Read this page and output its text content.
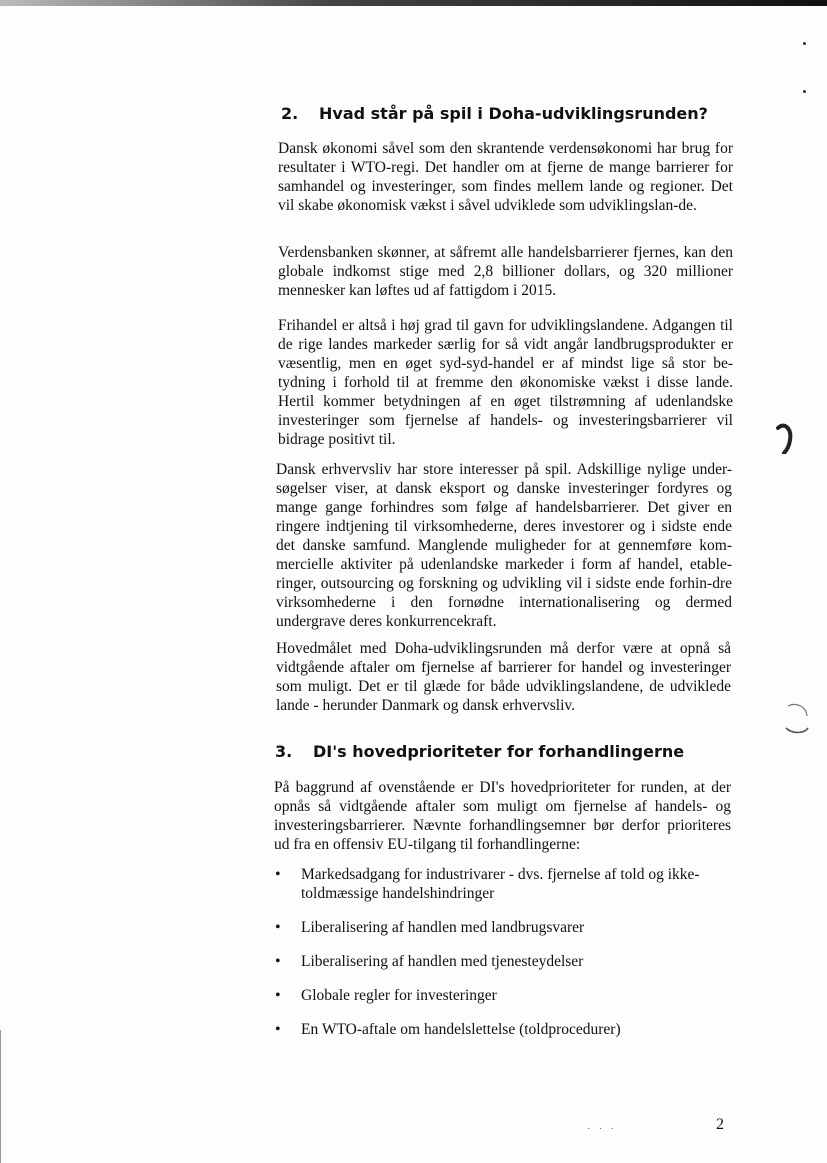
2. Hvad står på spil i Doha-udviklingsrunden?

Dansk økonomi såvel som den skrantende verdensøkonomi har brug for resultater i WTO-regi. Det handler om at fjerne de mange barrierer for samhandel og investeringer, som findes mellem lande og regioner. Det vil skabe økonomisk vækst i såvel udviklede som udviklingslan-de.

Verdensbanken skønner, at såfremt alle handelsbarrierer fjernes, kan den globale indkomst stige med 2,8 billioner dollars, og 320 millioner mennesker kan løftes ud af fattigdom i 2015.

Frihandel er altså i høj grad til gavn for udviklingslandene. Adgangen til de rige landes markeder særlig for så vidt angår landbrugsprodukter er væsentlig, men en øget syd-syd-handel er af mindst lige så stor be-tydning i forhold til at fremme den økonomiske vækst i disse lande. Hertil kommer betydningen af en øget tilstrømning af udenlandske investeringer som fjernelse af handels- og investeringsbarrierer vil bidrage positivt til.

Dansk erhvervsliv har store interesser på spil. Adskillige nylige under-søgelser viser, at dansk eksport og danske investeringer fordyres og mange gange forhindres som følge af handelsbarrierer. Det giver en ringere indtjening til virksomhederne, deres investorer og i sidste ende det danske samfund. Manglende muligheder for at gennemføre kom-mercielle aktiviter på udenlandske markeder i form af handel, etable-ringer, outsourcing og forskning og udvikling vil i sidste ende forhin-dre virksomhederne i den fornødne internationalisering og dermed undergrave deres konkurrencekraft.

Hovedmålet med Doha-udviklingsrunden må derfor være at opnå så vidtgående aftaler om fjernelse af barrierer for handel og investeringer som muligt. Det er til glæde for både udviklingslandene, de udviklede lande - herunder Danmark og dansk erhvervsliv.

3. DI's hovedprioriteter for forhandlingerne

På baggrund af ovenstående er DI's hovedprioriteter for runden, at der opnås så vidtgående aftaler som muligt om fjernelse af handels- og investeringsbarrierer. Nævnte forhandlingsemner bør derfor prioriteres ud fra en offensiv EU-tilgang til forhandlingerne:

• Markedsadgang for industrivarer - dvs. fjernelse af told og ikke-toldmæssige handelshindringer
• Liberalisering af handlen med landbrugsvarer
• Liberalisering af handlen med tjenesteydelser
• Globale regler for investeringer
• En WTO-aftale om handelslettelse (toldprocedurer)
2
· · ·
